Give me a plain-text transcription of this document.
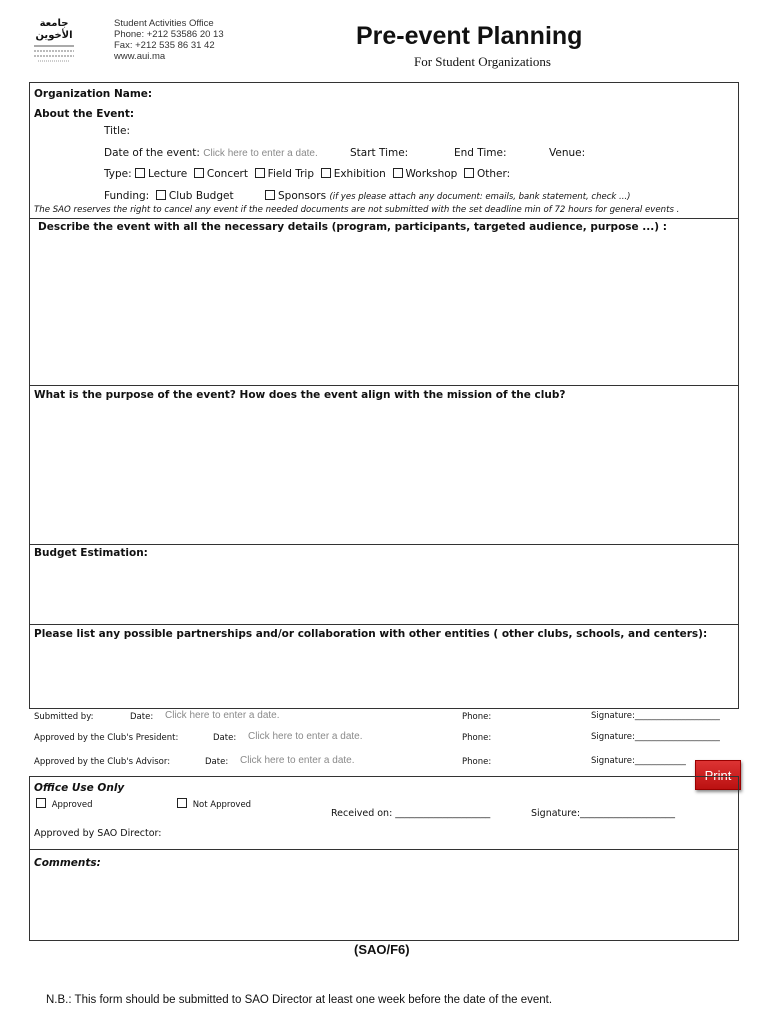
جامعة الأخوين
Student Activities Office
Phone: +212 53586 20 13
Fax: +212 535 86 31 42
www.aui.ma
Pre-event Planning
For Student Organizations
Organization Name:
About the Event:
Title:
Date of the event: Click here to enter a date.	Start Time:	End Time:	Venue:
Type: Lecture Concert Field Trip Exhibition Workshop Other:
Funding: Club Budget	Sponsors (if yes please attach any document: emails, bank statement, check ...)
The SAO reserves the right to cancel any event if the needed documents are not submitted with the set deadline min of 72 hours for general events .
Describe the event with all the necessary details (program, participants, targeted audience, purpose ...) :
What is the purpose of the event? How does the event align with the mission of the club?
Budget Estimation:
Please list any possible partnerships and/or collaboration with other entities ( other clubs, schools, and centers):
Submitted by:	Date: Click here to enter a date.	Phone:	Signature:____________________
Approved by the Club's President:	Date: Click here to enter a date.	Phone:	Signature:____________________
Approved by the Club's Advisor:	Date: Click here to enter a date.	Phone:	Signature:____________
Print
Office Use Only
Approved	Not Approved
Received on: ____________________	Signature:____________________
Approved by SAO Director:
Comments:
(SAO/F6)
N.B.: This form should be submitted to SAO Director at least one week before the date of the event.
